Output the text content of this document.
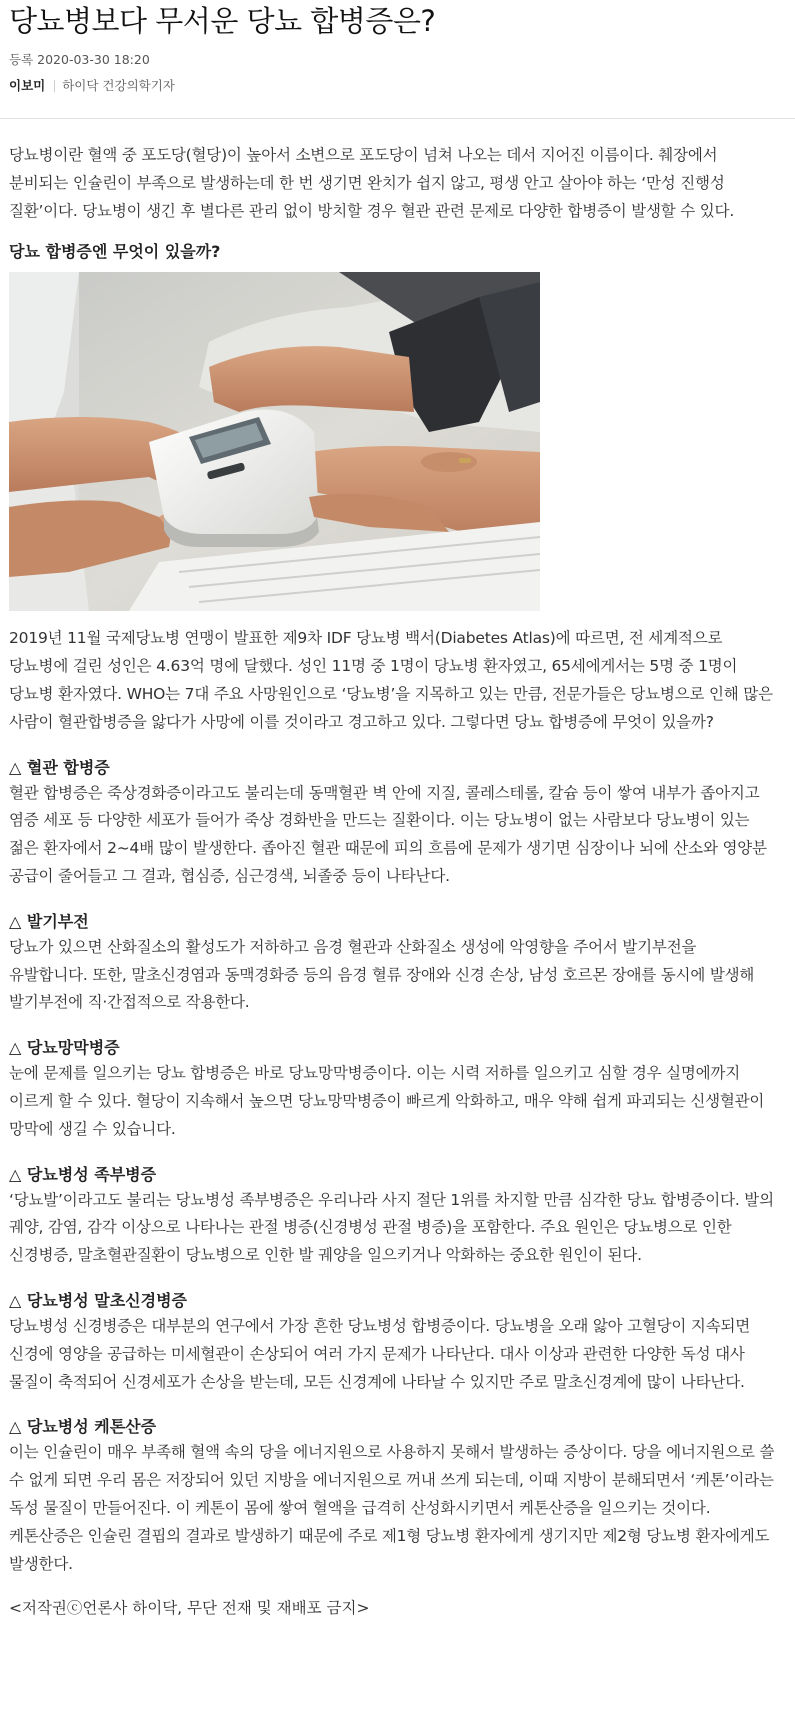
당뇨병보다 무서운 당뇨 합병증은?
등록 2020-03-30 18:20
이보미 하이닥 건강의학기자

당뇨병이란 혈액 중 포도당(혈당)이 높아서 소변으로 포도당이 넘쳐 나오는 데서 지어진 이름이다. 췌장에서 분비되는 인슐린이 부족으로 발생하는데 한 번 생기면 완치가 쉽지 않고, 평생 안고 살아야 하는 ‘만성 진행성 질환’이다. 당뇨병이 생긴 후 별다른 관리 없이 방치할 경우 혈관 관련 문제로 다양한 합병증이 발생할 수 있다.

당뇨 합병증엔 무엇이 있을까?

2019년 11월 국제당뇨병 연맹이 발표한 제9차 IDF 당뇨병 백서(Diabetes Atlas)에 따르면, 전 세계적으로 당뇨병에 걸린 성인은 4.63억 명에 달했다. 성인 11명 중 1명이 당뇨병 환자였고, 65세에게서는 5명 중 1명이 당뇨병 환자였다. WHO는 7대 주요 사망원인으로 ‘당뇨병’을 지목하고 있는 만큼, 전문가들은 당뇨병으로 인해 많은 사람이 혈관합병증을 앓다가 사망에 이를 것이라고 경고하고 있다. 그렇다면 당뇨 합병증에 무엇이 있을까?

△ 혈관 합병증

혈관 합병증은 죽상경화증이라고도 불리는데 동맥혈관 벽 안에 지질, 콜레스테롤, 칼슘 등이 쌓여 내부가 좁아지고 염증 세포 등 다양한 세포가 들어가 죽상 경화반을 만드는 질환이다. 이는 당뇨병이 없는 사람보다 당뇨병이 있는 젊은 환자에서 2~4배 많이 발생한다. 좁아진 혈관 때문에 피의 흐름에 문제가 생기면 심장이나 뇌에 산소와 영양분 공급이 줄어들고 그 결과, 협심증, 심근경색, 뇌졸중 등이 나타난다.

△ 발기부전

당뇨가 있으면 산화질소의 활성도가 저하하고 음경 혈관과 산화질소 생성에 악영향을 주어서 발기부전을 유발합니다. 또한, 말초신경염과 동맥경화증 등의 음경 혈류 장애와 신경 손상, 남성 호르몬 장애를 동시에 발생해 발기부전에 직·간접적으로 작용한다.

△ 당뇨망막병증

눈에 문제를 일으키는 당뇨 합병증은 바로 당뇨망막병증이다. 이는 시력 저하를 일으키고 심할 경우 실명에까지 이르게 할 수 있다. 혈당이 지속해서 높으면 당뇨망막병증이 빠르게 악화하고, 매우 약해 쉽게 파괴되는 신생혈관이 망막에 생길 수 있습니다.

△ 당뇨병성 족부병증

‘당뇨발’이라고도 불리는 당뇨병성 족부병증은 우리나라 사지 절단 1위를 차지할 만큼 심각한 당뇨 합병증이다. 발의 궤양, 감염, 감각 이상으로 나타나는 관절 병증(신경병성 관절 병증)을 포함한다. 주요 원인은 당뇨병으로 인한 신경병증, 말초혈관질환이 당뇨병으로 인한 발 궤양을 일으키거나 악화하는 중요한 원인이 된다.

△ 당뇨병성 말초신경병증

당뇨병성 신경병증은 대부분의 연구에서 가장 흔한 당뇨병성 합병증이다. 당뇨병을 오래 앓아 고혈당이 지속되면 신경에 영양을 공급하는 미세혈관이 손상되어 여러 가지 문제가 나타난다. 대사 이상과 관련한 다양한 독성 대사 물질이 축적되어 신경세포가 손상을 받는데, 모든 신경계에 나타날 수 있지만 주로 말초신경계에 많이 나타난다.

△ 당뇨병성 케톤산증

이는 인슐린이 매우 부족해 혈액 속의 당을 에너지원으로 사용하지 못해서 발생하는 증상이다. 당을 에너지원으로 쓸 수 없게 되면 우리 몸은 저장되어 있던 지방을 에너지원으로 꺼내 쓰게 되는데, 이때 지방이 분해되면서 ‘케톤’이라는 독성 물질이 만들어진다. 이 케톤이 몸에 쌓여 혈액을 급격히 산성화시키면서 케톤산증을 일으키는 것이다. 케톤산증은 인슐린 결핍의 결과로 발생하기 때문에 주로 제1형 당뇨병 환자에게 생기지만 제2형 당뇨병 환자에게도 발생한다.

<저작권ⓒ언론사 하이닥, 무단 전재 및 재배포 금지>
